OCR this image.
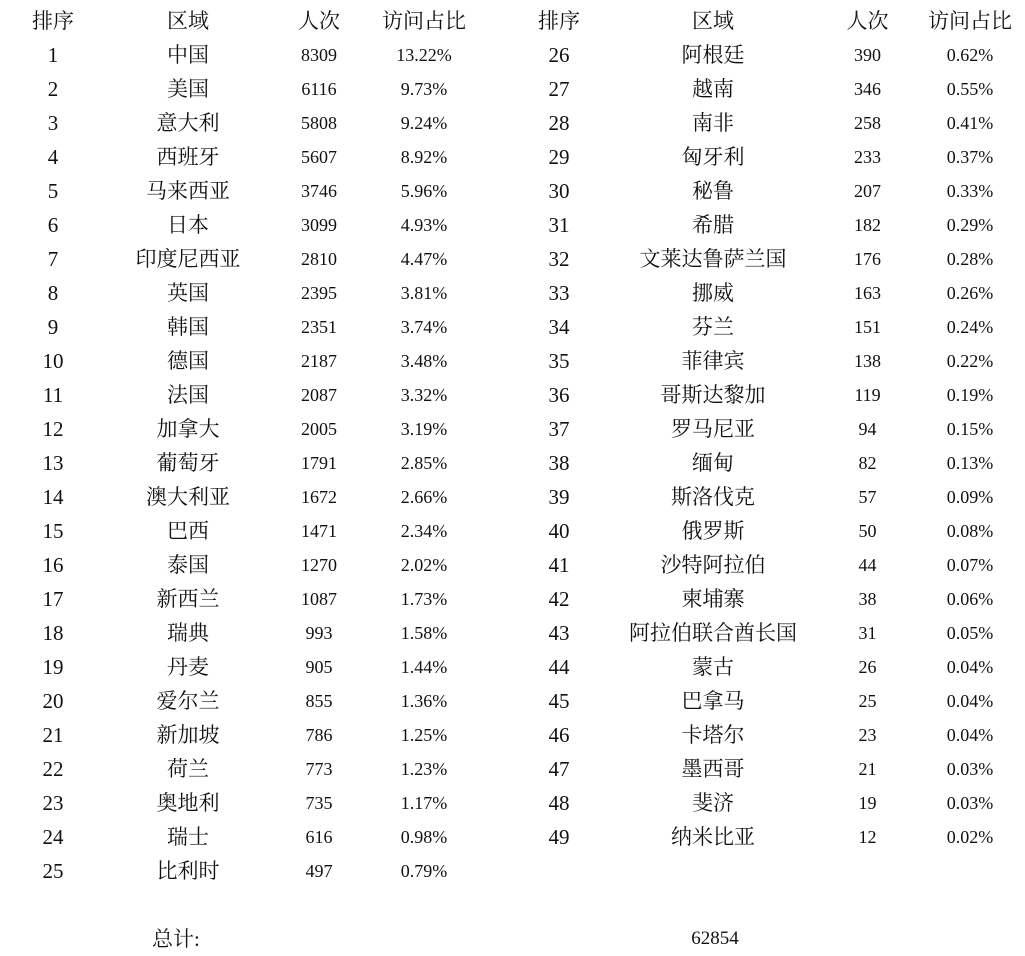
排序	区域	人次	访问占比
1	中国	8309	13.22%
2	美国	6116	9.73%
3	意大利	5808	9.24%
4	西班牙	5607	8.92%
5	马来西亚	3746	5.96%
6	日本	3099	4.93%
7	印度尼西亚	2810	4.47%
8	英国	2395	3.81%
9	韩国	2351	3.74%
10	德国	2187	3.48%
11	法国	2087	3.32%
12	加拿大	2005	3.19%
13	葡萄牙	1791	2.85%
14	澳大利亚	1672	2.66%
15	巴西	1471	2.34%
16	泰国	1270	2.02%
17	新西兰	1087	1.73%
18	瑞典	993	1.58%
19	丹麦	905	1.44%
20	爱尔兰	855	1.36%
21	新加坡	786	1.25%
22	荷兰	773	1.23%
23	奥地利	735	1.17%
24	瑞士	616	0.98%
25	比利时	497	0.79%
排序	区域	人次	访问占比
26	阿根廷	390	0.62%
27	越南	346	0.55%
28	南非	258	0.41%
29	匈牙利	233	0.37%
30	秘鲁	207	0.33%
31	希腊	182	0.29%
32	文莱达鲁萨兰国	176	0.28%
33	挪威	163	0.26%
34	芬兰	151	0.24%
35	菲律宾	138	0.22%
36	哥斯达黎加	119	0.19%
37	罗马尼亚	94	0.15%
38	缅甸	82	0.13%
39	斯洛伐克	57	0.09%
40	俄罗斯	50	0.08%
41	沙特阿拉伯	44	0.07%
42	柬埔寨	38	0.06%
43	阿拉伯联合酋长国	31	0.05%
44	蒙古	26	0.04%
45	巴拿马	25	0.04%
46	卡塔尔	23	0.04%
47	墨西哥	21	0.03%
48	斐济	19	0.03%
49	纳米比亚	12	0.02%
总计:	62854
